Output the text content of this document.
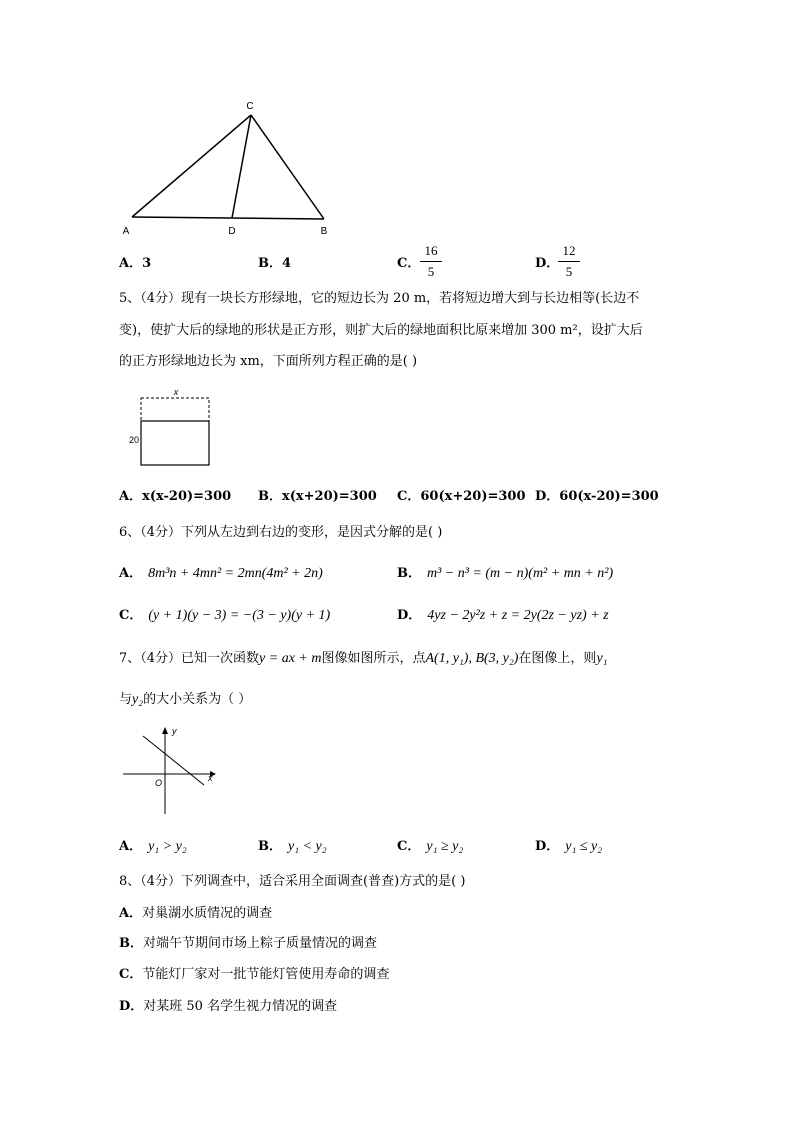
C
A	D	B
A．3	B．4	C． $\frac{16}{5}$	D．
$\frac{12}{5}$
5、（4分）现有一块长方形绿地，它的短边长为 20 m，若将短边增大到与长边相等(长边不
变)，使扩大后的绿地的形状是正方形，则扩大后的绿地面积比原来增加 300 m²，设扩大后
的正方形绿地边长为 xm，下面所列方程正确的是( )
x
20
A．x(x-20)=300 B．x(x+20)=300 C．60(x+20)=300 D．60(x-20)=300
6、（4分）下列从左边到右边的变形，是因式分解的是( )
A． 8m³n + 4mn² = 2mn(4m² + 2n)	B． m³ − n³ = (m − n)(m² + mn + n²)
C． (y + 1)(y − 3) = −(3 − y)(y + 1)	D． 4yz − 2y²z + z = 2y(2z − yz) + z
7、（4分）已知一次函数y = ax + m图像如图所示，点A(1, y₁), B(3, y₂)在图像上，则y₁
与y₂的大小关系为（ ）
y
x
O
A． y₁ > y₂	B． y₁ < y₂	C． y₁ ≥ y₂	D． y₁ ≤ y₂
8、（4分）下列调查中，适合采用全面调查(普查)方式的是( )
A．对巢湖水质情况的调查
B．对端午节期间市场上粽子质量情况的调查
C．节能灯厂家对一批节能灯管使用寿命的调查
D．对某班 50 名学生视力情况的调查
